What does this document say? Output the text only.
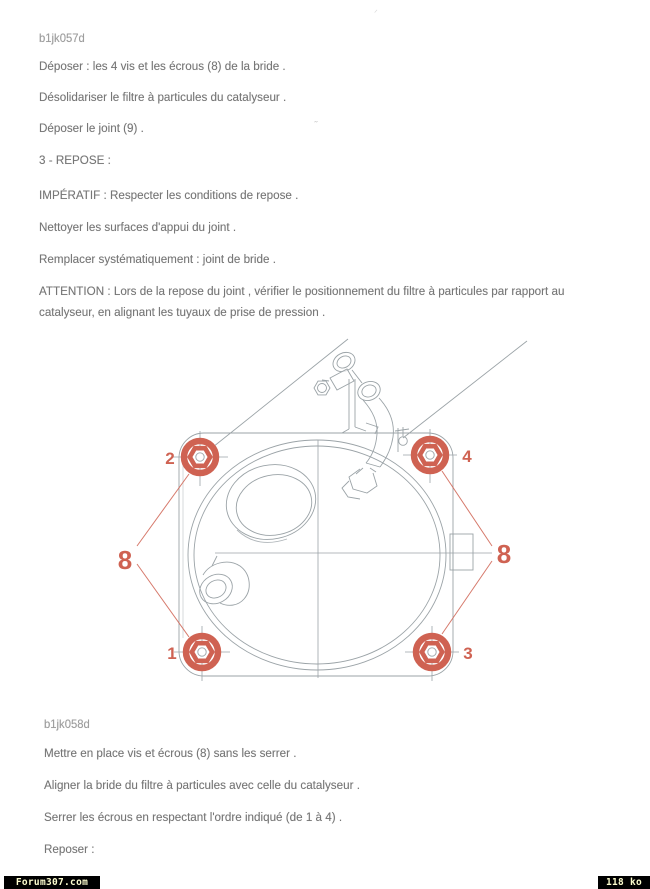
b1jk057d
Déposer : les 4 vis et les écrous (8) de la bride .
Désolidariser le filtre à particules du catalyseur .
Déposer le joint (9) .
3 - REPOSE :
IMPÉRATIF : Respecter les conditions de repose .
Nettoyer les surfaces d'appui du joint .
Remplacer systématiquement : joint de bride .
ATTENTION : Lors de la repose du joint , vérifier le positionnement du filtre à particules par rapport au
catalyseur, en alignant les tuyaux de prise de pression .
ᐟ
2	4
1	3
8	8
b1jk058d
Mettre en place vis et écrous (8) sans les serrer .
Aligner la bride du filtre à particules avec celle du catalyseur .
Serrer les écrous en respectant l'ordre indiqué (de 1 à 4) .
Reposer :
Forum307.com	118 ko
